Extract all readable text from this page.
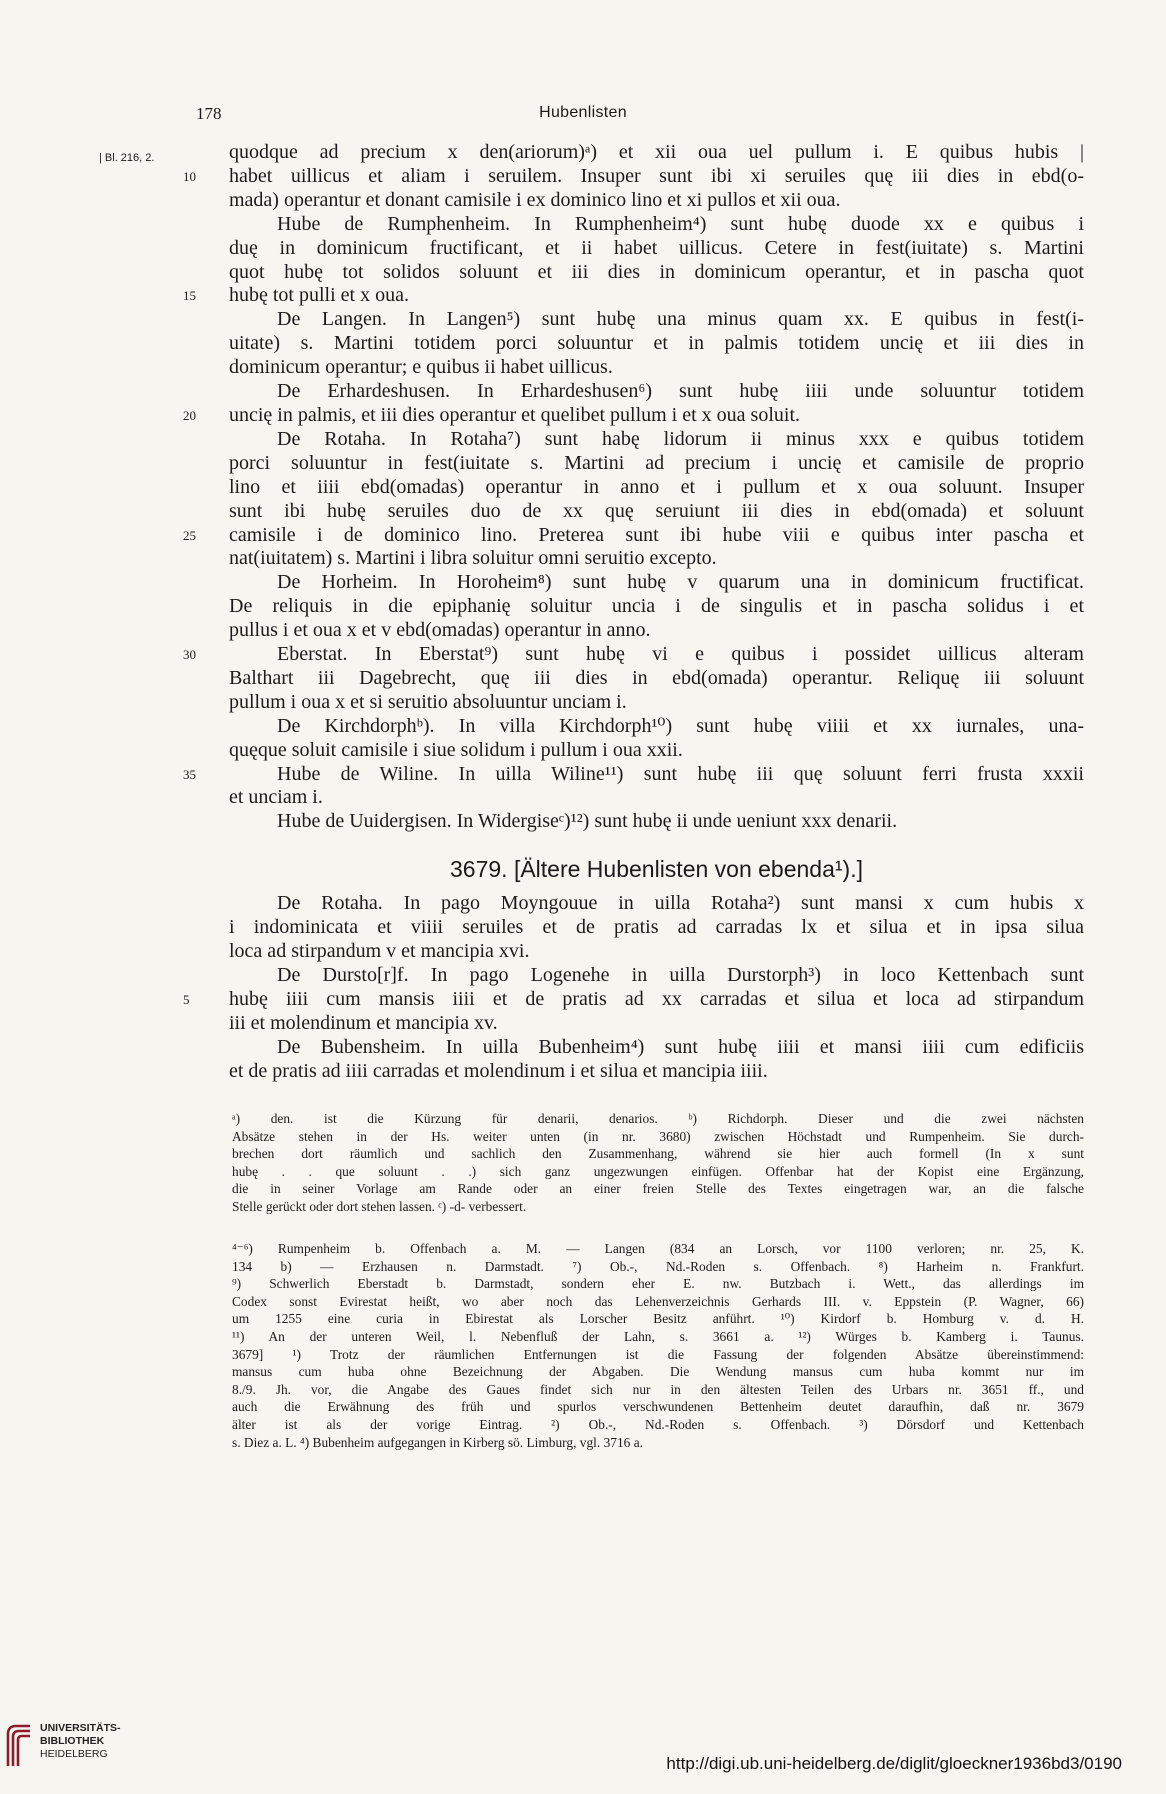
178	Hubenlisten
| Bl. 216, 2.	quodque ad precium x den(ariorum)ᵃ) et xii oua uel pullum i. E quibus hubis |
10	habet uillicus et aliam i seruilem. Insuper sunt ibi xi seruiles quę iii dies in ebd(o-
mada) operantur et donant camisile i ex dominico lino et xi pullos et xii oua.
Hube de Rumphenheim. In Rumphenheim⁴) sunt hubę duode xx e quibus i
duę in dominicum fructificant, et ii habet uillicus. Cetere in fest(iuitate) s. Martini
quot hubę tot solidos soluunt et iii dies in dominicum operantur, et in pascha quot
15	hubę tot pulli et x oua.
De Langen. In Langen⁵) sunt hubę una minus quam xx. E quibus in fest(i-
uitate) s. Martini totidem porci soluuntur et in palmis totidem uncię et iii dies in
dominicum operantur; e quibus ii habet uillicus.
De Erhardeshusen. In Erhardeshusen⁶) sunt hubę iiii unde soluuntur totidem
20	uncię in palmis, et iii dies operantur et quelibet pullum i et x oua soluit.
De Rotaha. In Rotaha⁷) sunt habę lidorum ii minus xxx e quibus totidem
porci soluuntur in fest(iuitate s. Martini ad precium i uncię et camisile de proprio
lino et iiii ebd(omadas) operantur in anno et i pullum et x oua soluunt. Insuper
sunt ibi hubę seruiles duo de xx quę seruiunt iii dies in ebd(omada) et soluunt
25	camisile i de dominico lino. Preterea sunt ibi hube viii e quibus inter pascha et
nat(iuitatem) s. Martini i libra soluitur omni seruitio excepto.
De Horheim. In Horoheim⁸) sunt hubę v quarum una in dominicum fructificat.
De reliquis in die epiphanię soluitur uncia i de singulis et in pascha solidus i et
pullus i et oua x et v ebd(omadas) operantur in anno.
30	Eberstat. In Eberstat⁹) sunt hubę vi e quibus i possidet uillicus alteram
Balthart iii Dagebrecht, quę iii dies in ebd(omada) operantur. Reliquę iii soluunt
pullum i oua x et si seruitio absoluuntur unciam i.
De Kirchdorphᵇ). In villa Kirchdorph¹⁰) sunt hubę viiii et xx iurnales, una-
quęque soluit camisile i siue solidum i pullum i oua xxii.
35	Hube de Wiline. In uilla Wiline¹¹) sunt hubę iii quę soluunt ferri frusta xxxii
et unciam i.
Hube de Uuidergisen. In Widergiseᶜ)¹²) sunt hubę ii unde ueniunt xxx denarii.
3679. [Ältere Hubenlisten von ebenda¹).]
De Rotaha. In pago Moyngouue in uilla Rotaha²) sunt mansi x cum hubis x
i indominicata et viiii seruiles et de pratis ad carradas lx et silua et in ipsa silua
loca ad stirpandum v et mancipia xvi.
De Dursto[r]f. In pago Logenehe in uilla Durstorph³) in loco Kettenbach sunt
5	hubę iiii cum mansis iiii et de pratis ad xx carradas et silua et loca ad stirpandum
iii et molendinum et mancipia xv.
De Bubensheim. In uilla Bubenheim⁴) sunt hubę iiii et mansi iiii cum edificiis
et de pratis ad iiii carradas et molendinum i et silua et mancipia iiii.
ᵃ) den. ist die Kürzung für denarii, denarios. ᵇ) Richdorph. Dieser und die zwei nächsten
Absätze stehen in der Hs. weiter unten (in nr. 3680) zwischen Höchstadt und Rumpenheim. Sie durch-
brechen dort räumlich und sachlich den Zusammenhang, während sie hier auch formell (In x sunt
hubę . . que soluunt . .) sich ganz ungezwungen einfügen. Offenbar hat der Kopist eine Ergänzung,
die in seiner Vorlage am Rande oder an einer freien Stelle des Textes eingetragen war, an die falsche
Stelle gerückt oder dort stehen lassen. ᶜ) -d- verbessert.
⁴⁻⁶) Rumpenheim b. Offenbach a. M. — Langen (834 an Lorsch, vor 1100 verloren; nr. 25, K.
134 b) — Erzhausen n. Darmstadt. ⁷) Ob.-, Nd.-Roden s. Offenbach. ⁸) Harheim n. Frankfurt.
⁹) Schwerlich Eberstadt b. Darmstadt, sondern eher E. nw. Butzbach i. Wett., das allerdings im
Codex sonst Evirestat heißt, wo aber noch das Lehenverzeichnis Gerhards III. v. Eppstein (P. Wagner, 66)
um 1255 eine curia in Ebirestat als Lorscher Besitz anführt. ¹⁰) Kirdorf b. Homburg v. d. H.
¹¹) An der unteren Weil, l. Nebenfluß der Lahn, s. 3661 a. ¹²) Würges b. Kamberg i. Taunus.
3679] ¹) Trotz der räumlichen Entfernungen ist die Fassung der folgenden Absätze übereinstimmend:
mansus cum huba ohne Bezeichnung der Abgaben. Die Wendung mansus cum huba kommt nur im
8./9. Jh. vor, die Angabe des Gaues findet sich nur in den ältesten Teilen des Urbars nr. 3651 ff., und
auch die Erwähnung des früh und spurlos verschwundenen Bettenheim deutet daraufhin, daß nr. 3679
älter ist als der vorige Eintrag. ²) Ob.-, Nd.-Roden s. Offenbach. ³) Dörsdorf und Kettenbach
s. Diez a. L. ⁴) Bubenheim aufgegangen in Kirberg sö. Limburg, vgl. 3716 a.
UNIVERSITÄTS-
BIBLIOTHEK
HEIDELBERG	http://digi.ub.uni-heidelberg.de/diglit/gloeckner1936bd3/0190
